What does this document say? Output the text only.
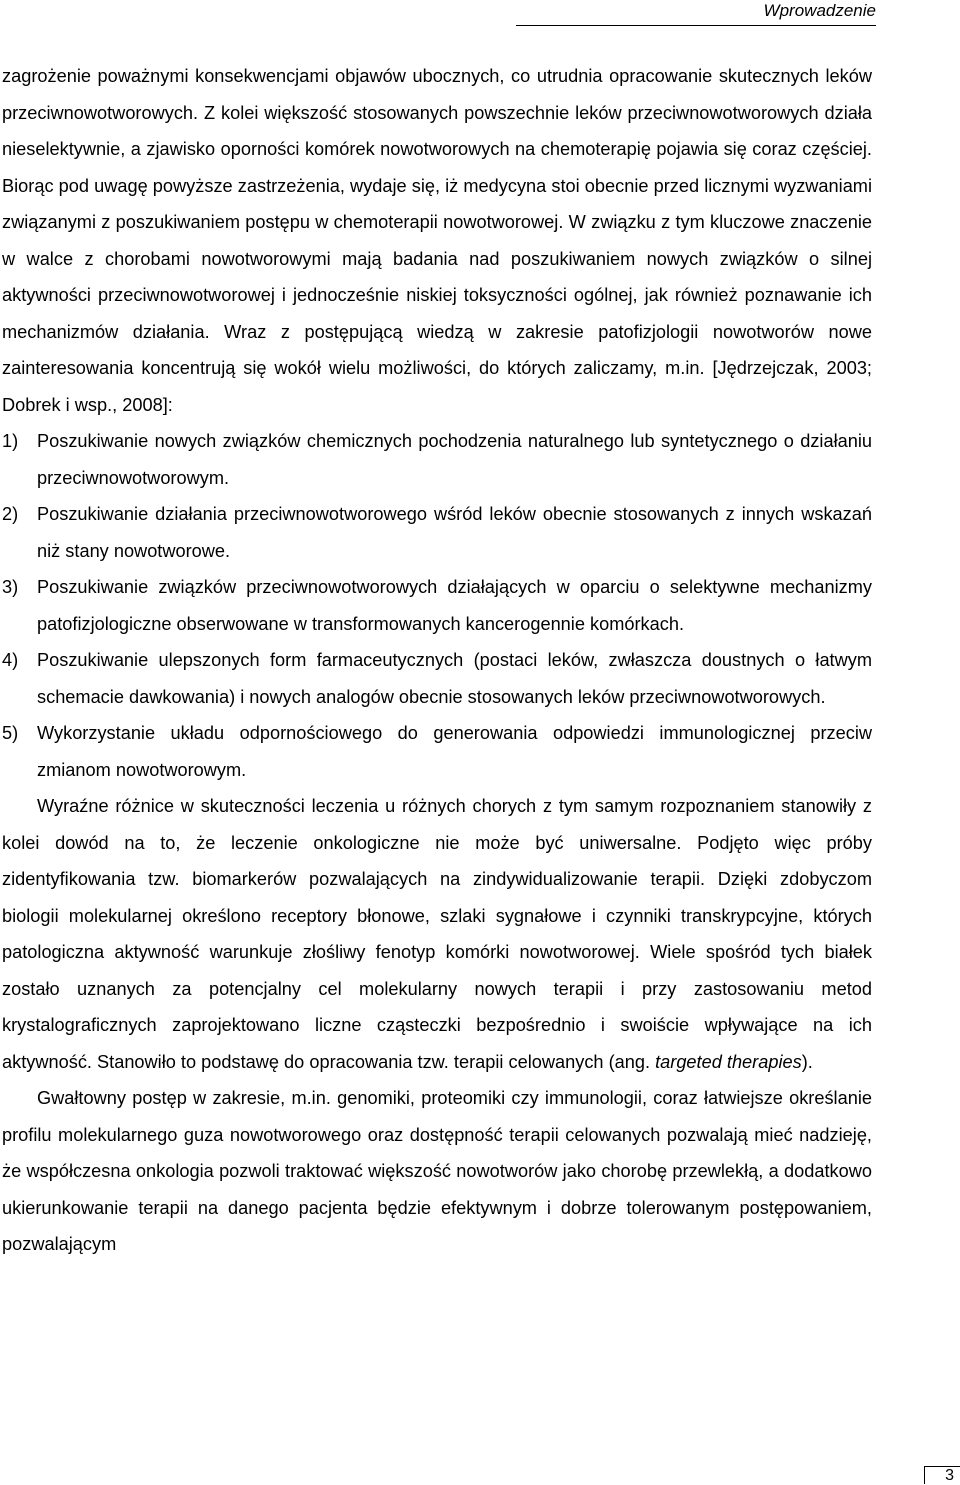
Wprowadzenie

zagrożenie poważnymi konsekwencjami objawów ubocznych, co utrudnia opracowanie skutecznych leków przeciwnowotworowych. Z kolei większość stosowanych powszechnie leków przeciwnowotworowych działa nieselektywnie, a zjawisko oporności komórek nowotworowych na chemoterapię pojawia się coraz częściej. Biorąc pod uwagę powyższe zastrzeżenia, wydaje się, iż medycyna stoi obecnie przed licznymi wyzwaniami związanymi z poszukiwaniem postępu w chemoterapii nowotworowej. W związku z tym kluczowe znaczenie w walce z chorobami nowotworowymi mają badania nad poszukiwaniem nowych związków o silnej aktywności przeciwnowotworowej i jednocześnie niskiej toksyczności ogólnej, jak również poznawanie ich mechanizmów działania. Wraz z postępującą wiedzą w zakresie patofizjologii nowotworów nowe zainteresowania koncentrują się wokół wielu możliwości, do których zaliczamy, m.in. [Jędrzejczak, 2003; Dobrek i wsp., 2008]:

1) Poszukiwanie nowych związków chemicznych pochodzenia naturalnego lub syntetycznego o działaniu przeciwnowotworowym.
2) Poszukiwanie działania przeciwnowotworowego wśród leków obecnie stosowanych z innych wskazań niż stany nowotworowe.
3) Poszukiwanie związków przeciwnowotworowych działających w oparciu o selektywne mechanizmy patofizjologiczne obserwowane w transformowanych kancerogennie komórkach.
4) Poszukiwanie ulepszonych form farmaceutycznych (postaci leków, zwłaszcza doustnych o łatwym schemacie dawkowania) i nowych analogów obecnie stosowanych leków przeciwnowotworowych.
5) Wykorzystanie układu odpornościowego do generowania odpowiedzi immunologicznej przeciw zmianom nowotworowym.

Wyraźne różnice w skuteczności leczenia u różnych chorych z tym samym rozpoznaniem stanowiły z kolei dowód na to, że leczenie onkologiczne nie może być uniwersalne. Podjęto więc próby zidentyfikowania tzw. biomarkerów pozwalających na zindywidualizowanie terapii. Dzięki zdobyczom biologii molekularnej określono receptory błonowe, szlaki sygnałowe i czynniki transkrypcyjne, których patologiczna aktywność warunkuje złośliwy fenotyp komórki nowotworowej. Wiele spośród tych białek zostało uznanych za potencjalny cel molekularny nowych terapii i przy zastosowaniu metod krystalograficznych zaprojektowano liczne cząsteczki bezpośrednio i swoiście wpływające na ich aktywność. Stanowiło to podstawę do opracowania tzw. terapii celowanych (ang. targeted therapies).

Gwałtowny postęp w zakresie, m.in. genomiki, proteomiki czy immunologii, coraz łatwiejsze określanie profilu molekularnego guza nowotworowego oraz dostępność terapii celowanych pozwalają mieć nadzieję, że współczesna onkologia pozwoli traktować większość nowotworów jako chorobę przewlekłą, a dodatkowo ukierunkowanie terapii na danego pacjenta będzie efektywnym i dobrze tolerowanym postępowaniem, pozwalającym

3
